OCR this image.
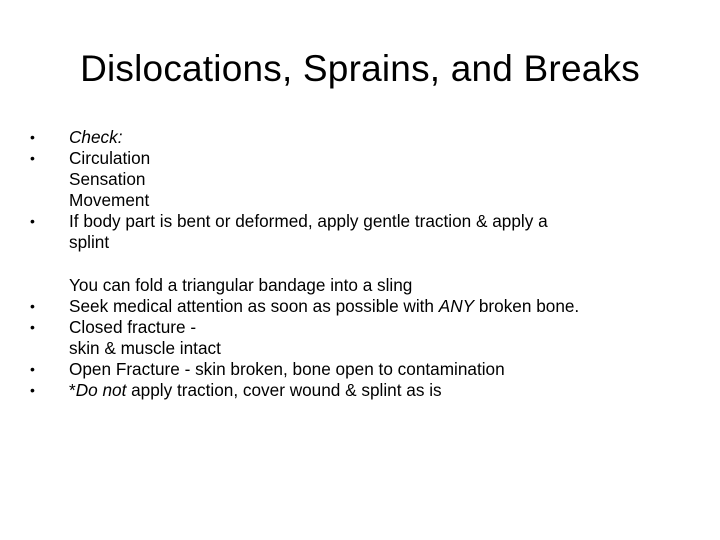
Dislocations, Sprains, and Breaks
•	Check:
•	Circulation
Sensation
Movement
•	If body part is bent or deformed, apply gentle traction & apply a
splint
You can fold a triangular bandage into a sling
•	Seek medical attention as soon as possible with ANY broken bone.
•	Closed fracture -
skin & muscle intact
•	Open Fracture - skin broken, bone open to contamination
•	*Do not apply traction, cover wound & splint as is
